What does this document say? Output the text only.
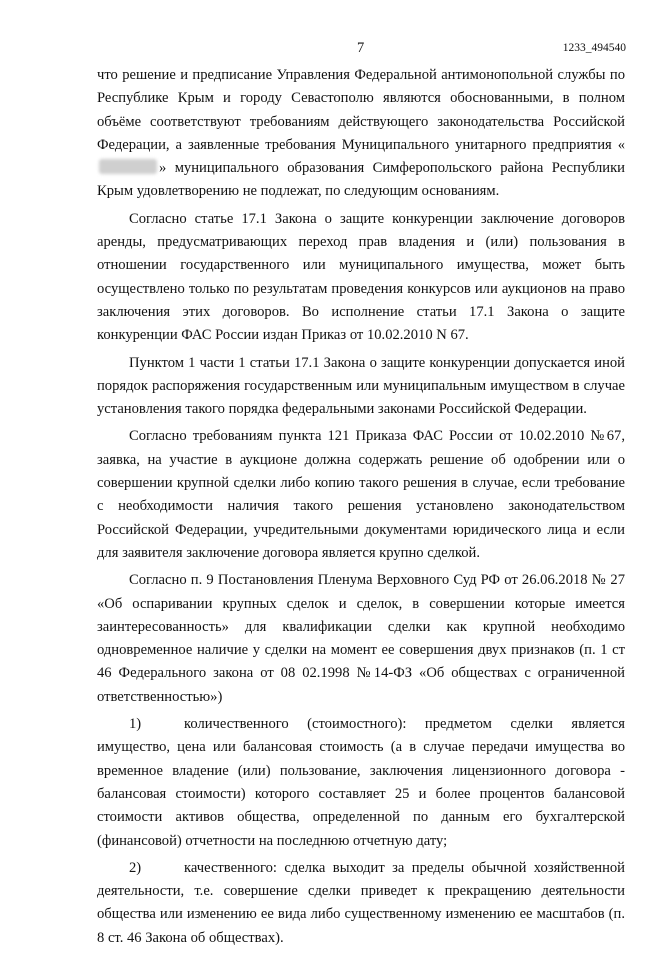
7	1233_494540

что решение и предписание Управления Федеральной антимонопольной службы по Республике Крым и городу Севастополю являются обоснованными, в полном объёме соответствуют требованиям действующего законодательства Российской Федерации, а заявленные требования Муниципального унитарного предприятия «» муниципального образования Симферопольского района Республики Крым удовлетворению не подлежат, по следующим основаниям.

Согласно статье 17.1 Закона о защите конкуренции заключение договоров аренды, предусматривающих переход прав владения и (или) пользования в отношении государственного или муниципального имущества, может быть осуществлено только по результатам проведения конкурсов или аукционов на право заключения этих договоров. Во исполнение статьи 17.1 Закона о защите конкуренции ФАС России издан Приказ от 10.02.2010 N 67.

Пунктом 1 части 1 статьи 17.1 Закона о защите конкуренции допускается иной порядок распоряжения государственным или муниципальным имуществом в случае установления такого порядка федеральными законами Российской Федерации.

Согласно требованиям пункта 121 Приказа ФАС России от 10.02.2010 №67, заявка, на участие в аукционе должна содержать решение об одобрении или о совершении крупной сделки либо копию такого решения в случае, если требование с необходимости наличия такого решения установлено законодательством Российской Федерации, учредительными документами юридического лица и если для заявителя заключение договора является крупно сделкой.

Согласно п. 9 Постановления Пленума Верховного Суд РФ от 26.06.2018 № 27 «Об оспаривании крупных сделок и сделок, в совершении которые имеется заинтересованность» для квалификации сделки как крупной необходимо одновременное наличие у сделки на момент ее совершения двух признаков (п. 1 ст 46 Федерального закона от 08 02.1998 №14-ФЗ «Об обществах с ограниченной ответственностью»)

1)	количественного (стоимостного): предметом сделки является имущество, цена или балансовая стоимость (а в случае передачи имущества во временное владение (или) пользование, заключения лицензионного договора - балансовая стоимости) которого составляет 25 и более процентов балансовой стоимости активов общества, определенной по данным его бухгалтерской (финансовой) отчетности на последнюю отчетную дату;

2)	качественного: сделка выходит за пределы обычной хозяйственной деятельности, т.е. совершение сделки приведет к прекращению деятельности общества или изменению ее вида либо существенному изменению ее масштабов (п. 8 ст. 46 Закона об обществах).
